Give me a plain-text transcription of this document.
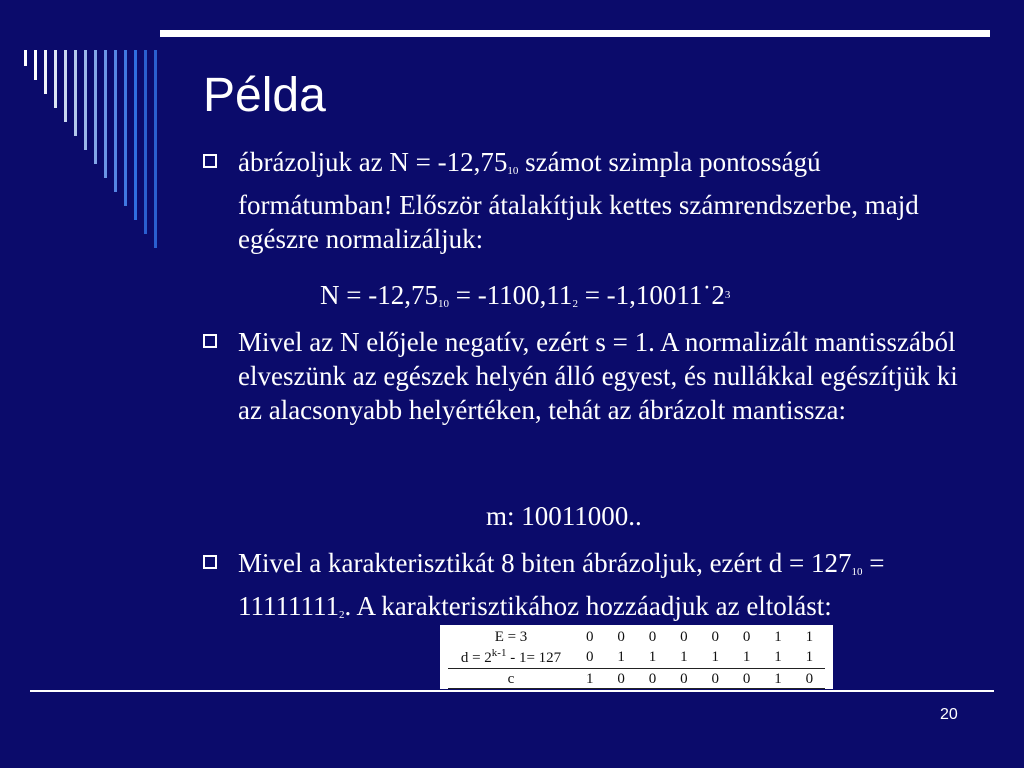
Példa
ábrázoljuk az $N = -12,75_{10}$ számot szimpla pontosságú formátumban! Először átalakítjuk kettes számrendszerbe, majd egészre normalizáljuk:
$N = -12,75_{10} = -1100,11_2$ = $-1,10011˙2^3$
Mivel az N előjele negatív, ezért s = 1. A normalizált mantisszából elveszünk az egészek helyén álló egyest, és nullákkal egészítjük ki az alacsonyabb helyértéken, tehát az ábrázolt mantissza:
m: 10011000..
Mivel a karakterisztikát 8 biten ábrázoljuk, ezért $d = 127_{10} = 11111111_2$. A karakterisztikához hozzáadjuk az eltolást:
E = 3	0 0 0 0 0 0 1 1
$d = 2^{k-1} - 1= 127$	0 1 1 1 1 1 1 1
c	1 0 0 0 0 0 1 0
20
